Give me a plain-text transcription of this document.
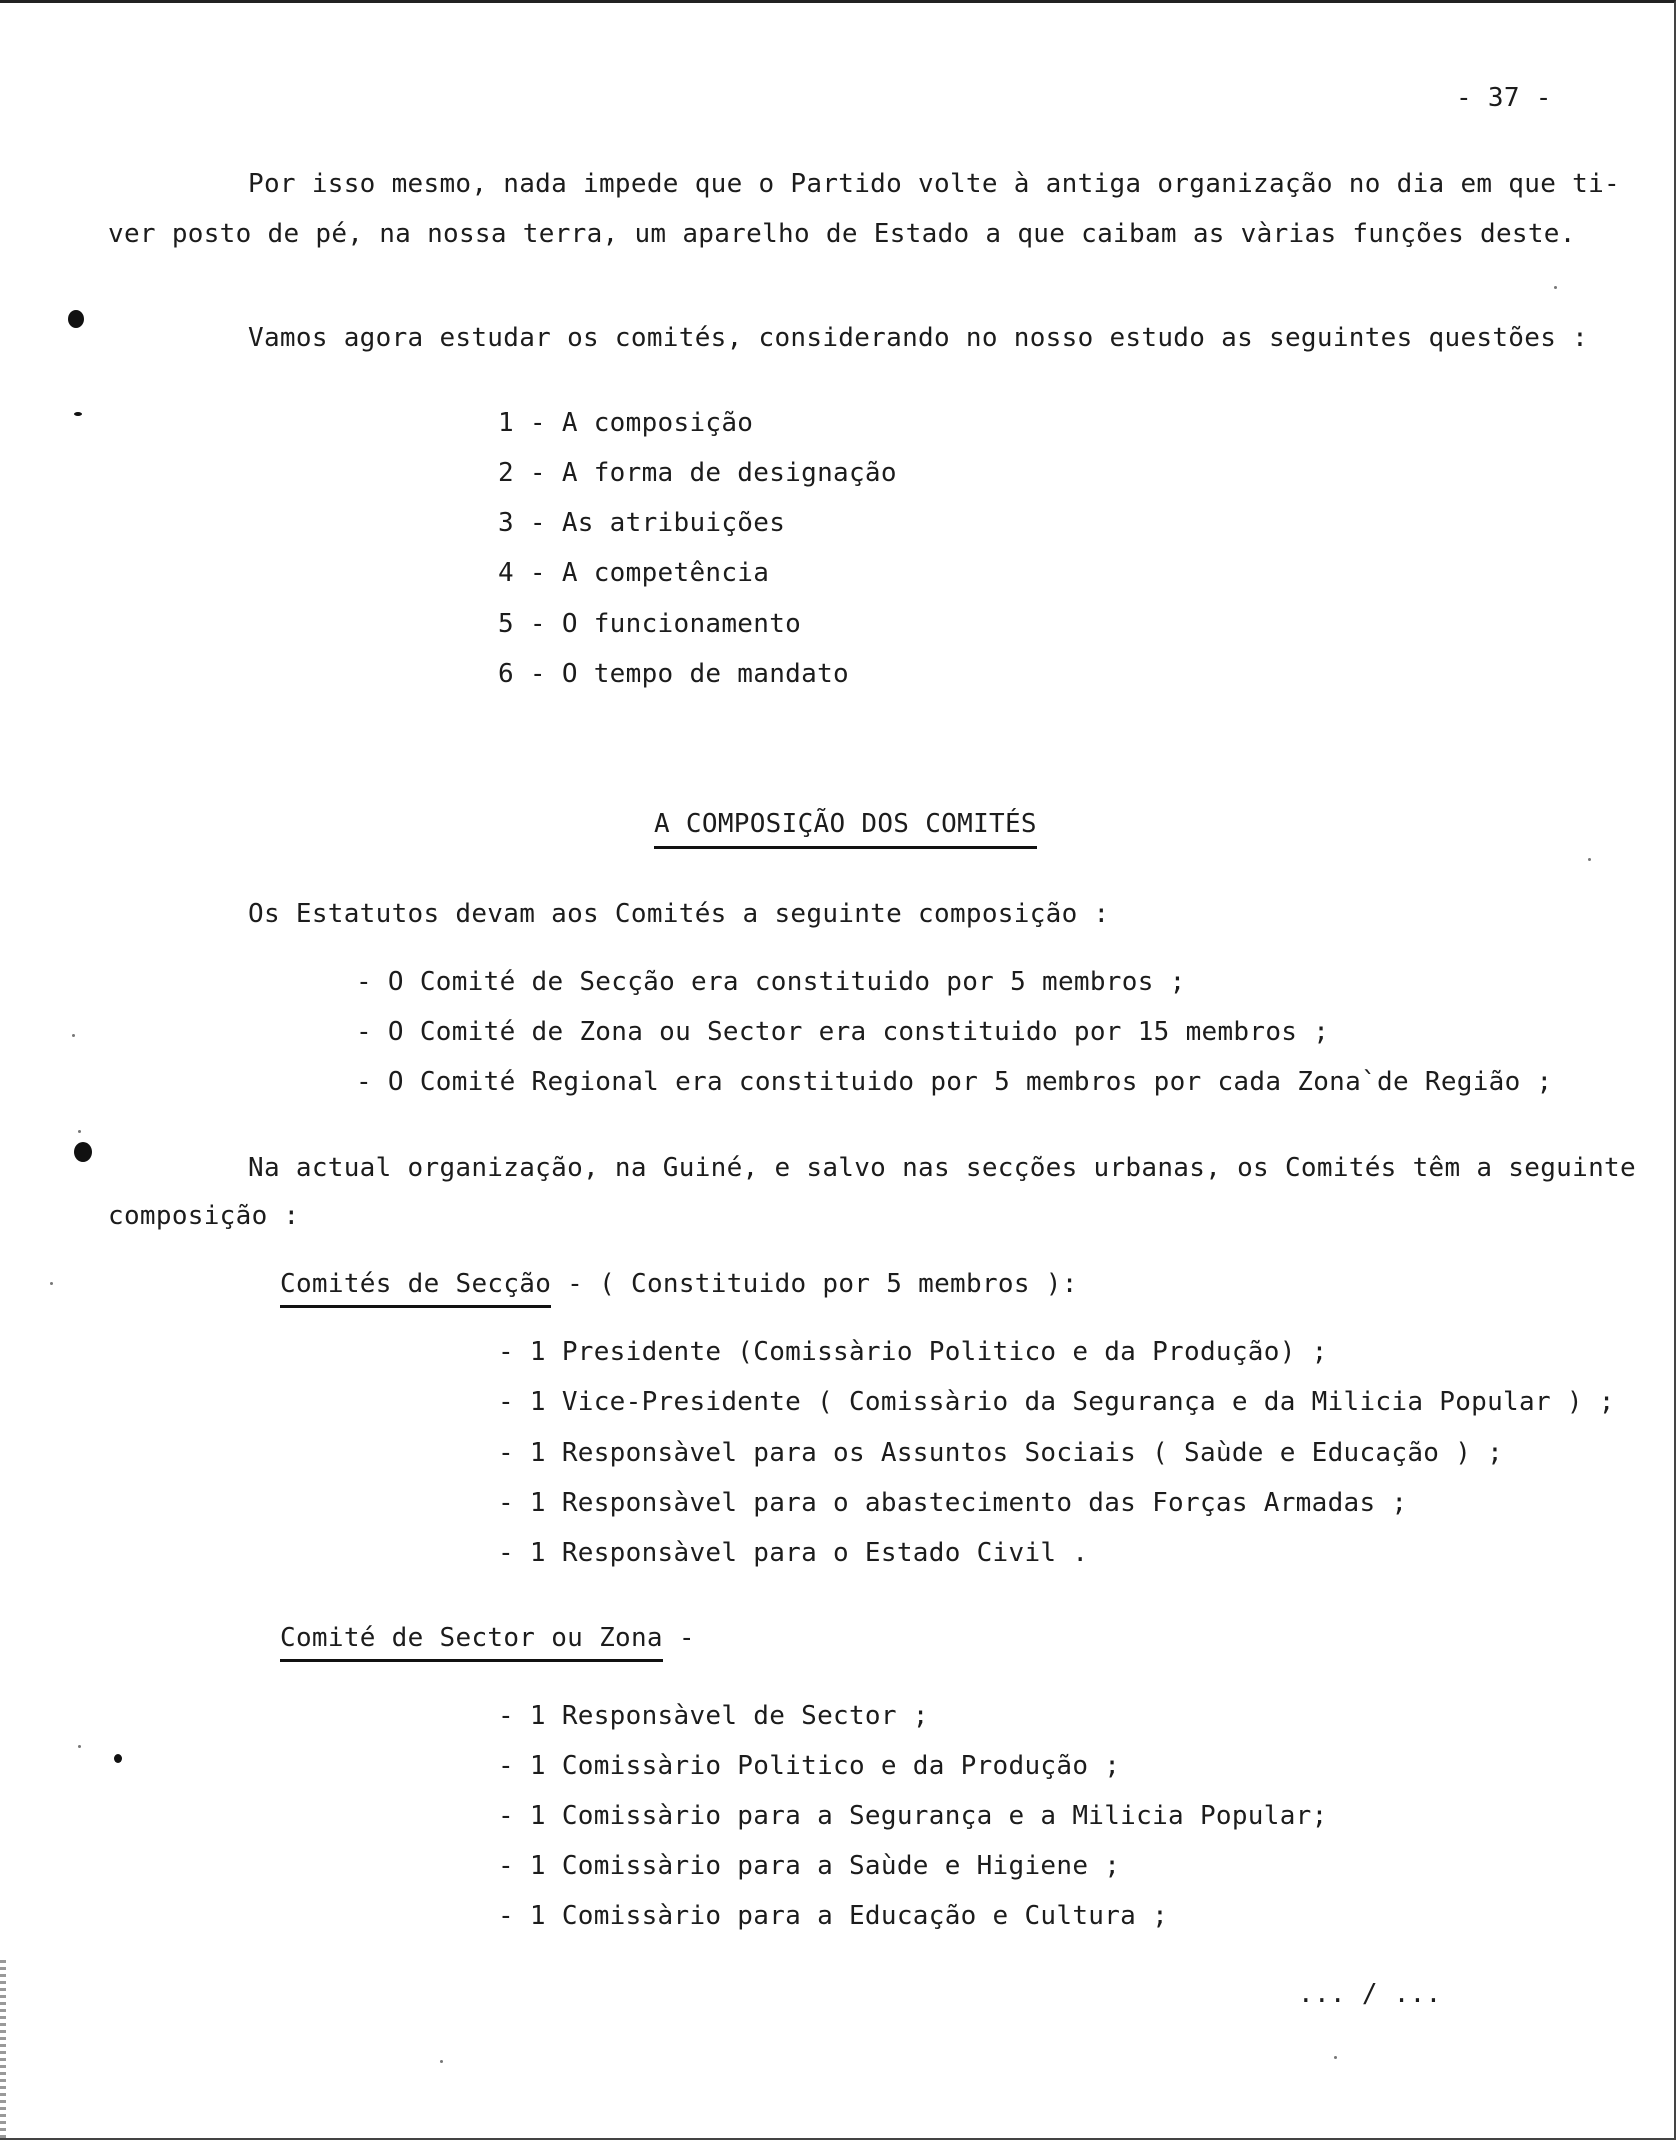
- 37 -
Por isso mesmo, nada impede que o Partido volte à antiga organização no dia em que ti-
ver posto de pé, na nossa terra, um aparelho de Estado a que caibam as vàrias funções deste.
Vamos agora estudar os comités, considerando no nosso estudo as seguintes questões :
1 - A composição
2 - A forma de designação
3 - As atribuições
4 - A competência
5 - O funcionamento
6 - O tempo de mandato
A COMPOSIÇÃO DOS COMITÉS
Os Estatutos devam aos Comités a seguinte composição :
- O Comité de Secção era constituido por 5 membros ;
- O Comité de Zona ou Sector era constituido por 15 membros ;
- O Comité Regional era constituido por 5 membros por cada Zona`de Região ;
Na actual organização, na Guiné, e salvo nas secções urbanas, os Comités têm a seguinte
composição :
Comités de Secção - ( Constituido por 5 membros ):
- 1 Presidente (Comissàrio Politico e da Produção) ;
- 1 Vice-Presidente ( Comissàrio da Segurança e da Milicia Popular ) ;
- 1 Responsàvel para os Assuntos Sociais ( Saùde e Educação ) ;
- 1 Responsàvel para o abastecimento das Forças Armadas ;
- 1 Responsàvel para o Estado Civil .
Comité de Sector ou Zona -
- 1 Responsàvel de Sector ;
- 1 Comissàrio Politico e da Produção ;
- 1 Comissàrio para a Segurança e a Milicia Popular;
- 1 Comissàrio para a Saùde e Higiene ;
- 1 Comissàrio para a Educação e Cultura ;
... / ...
